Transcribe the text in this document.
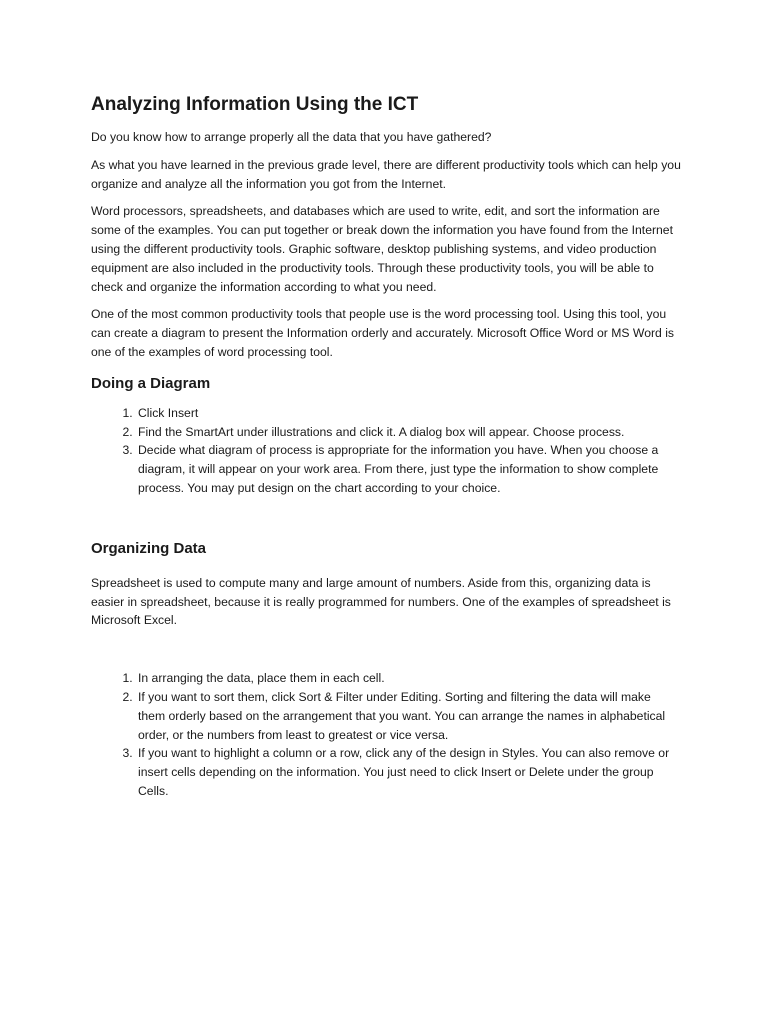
Analyzing Information Using the ICT

Do you know how to arrange properly all the data that you have gathered?

As what you have learned in the previous grade level, there are different productivity tools which can help you organize and analyze all the information you got from the Internet.

Word processors, spreadsheets, and databases which are used to write, edit, and sort the information are some of the examples. You can put together or break down the information you have found from the Internet using the different productivity tools. Graphic software, desktop publishing systems, and video production equipment are also included in the productivity tools. Through these productivity tools, you will be able to check and organize the information according to what you need.

One of the most common productivity tools that people use is the word processing tool. Using this tool, you can create a diagram to present the Information orderly and accurately. Microsoft Office Word or MS Word is one of the examples of word processing tool.

Doing a Diagram
1. Click Insert
2. Find the SmartArt under illustrations and click it. A dialog box will appear. Choose process.
3. Decide what diagram of process is appropriate for the information you have. When you choose a diagram, it will appear on your work area. From there, just type the information to show complete process. You may put design on the chart according to your choice.
Organizing Data

Spreadsheet is used to compute many and large amount of numbers. Aside from this, organizing data is easier in spreadsheet, because it is really programmed for numbers. One of the examples of spreadsheet is Microsoft Excel.

1. In arranging the data, place them in each cell.
2. If you want to sort them, click Sort & Filter under Editing. Sorting and filtering the data will make them orderly based on the arrangement that you want. You can arrange the names in alphabetical order, or the numbers from least to greatest or vice versa.
3. If you want to highlight a column or a row, click any of the design in Styles. You can also remove or insert cells depending on the information. You just need to click Insert or Delete under the group Cells.
